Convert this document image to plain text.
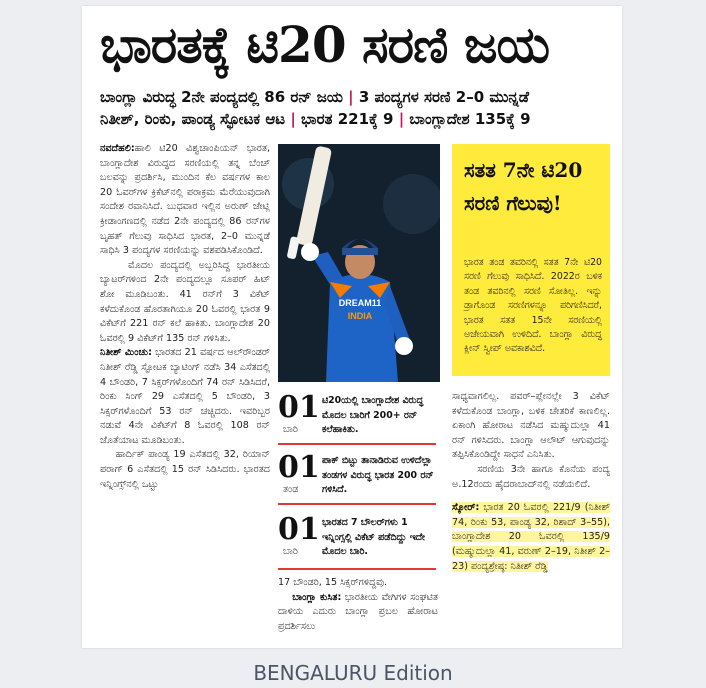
ಭಾರತಕ್ಕೆ ಟಿ20 ಸರಣಿ ಜಯ
ಬಾಂಗ್ಲಾ ವಿರುದ್ಧ 2ನೇ ಪಂದ್ಯದಲ್ಲಿ 86 ರನ್ ಜಯ | 3 ಪಂದ್ಯಗಳ ಸರಣಿ 2–0 ಮುನ್ನಡೆ
ನಿತೀಶ್, ರಿಂಕು, ಪಾಂಡ್ಯ ಸ್ಫೋಟಕ ಆಟ | ಭಾರತ 221ಕ್ಕೆ 9 | ಬಾಂಗ್ಲಾದೇಶ 135ಕ್ಕೆ 9
ನವದೆಹಲಿ:ಹಾಲಿ ಟಿ20 ವಿಶ್ವಚಾಂಪಿಯನ್ ಭಾರತ, ಬಾಂಗ್ಲಾದೇಶ ವಿರುದ್ಧದ ಸರಣಿಯಲ್ಲಿ ತನ್ನ ಬೆಂಚ್ ಬಲವನ್ನು ಪ್ರದರ್ಶಿಸಿ, ಮುಂದಿನ ಕೆಲ ವರ್ಷಗಳ ಕಾಲ 20 ಓವರ್‌ಗಳ ಕ್ರಿಕೆಟ್‌ನಲ್ಲಿ ಪರಾಕ್ರಮ ಮೆರೆಯುವುದಾಗಿ ಸಂದೇಶ ರವಾನಿಸಿದೆ. ಬುಧವಾರ ಇಲ್ಲಿನ ಅರುಣ್ ಜೇಟ್ಲಿ ಕ್ರೀಡಾಂಗಣದಲ್ಲಿ ನಡೆದ 2ನೇ ಪಂದ್ಯದಲ್ಲಿ 86 ರನ್‌ಗಳ ಬೃಹತ್ ಗೆಲುವು ಸಾಧಿಸಿದ ಭಾರತ, 2–0 ಮುನ್ನಡೆ ಸಾಧಿಸಿ 3 ಪಂದ್ಯಗಳ ಸರಣಿಯನ್ನು ವಶಪಡಿಸಿಕೊಂಡಿದೆ.
ಮೊದಲ ಪಂದ್ಯದಲ್ಲಿ ಅಬ್ಬರಿಸಿದ್ದ ಭಾರತೀಯ ಬ್ಯಾಟರ್‌ಗಳಿಂದ 2ನೇ ಪಂದ್ಯದಲ್ಲೂ ಸೂಪರ್ ಹಿಟ್ ಶೋ ಮೂಡಿಬಂತು. 41 ರನ್‌ಗೆ 3 ವಿಕೆಟ್ ಕಳೆದುಕೊಂಡ ಹೊರತಾಗಿಯೂ 20 ಓವರಲ್ಲಿ ಭಾರತ 9 ವಿಕೆಟ್‌ಗೆ 221 ರನ್ ಕಲೆ ಹಾಕಿತು. ಬಾಂಗ್ಲಾದೇಶ 20 ಓವರಲ್ಲಿ 9 ವಿಕೆಟ್‌ಗೆ 135 ರನ್ ಗಳಿಸಿತು.
ನಿತೀಶ್ ಮಿಂಚು: ಭಾರತದ 21 ವರ್ಷದ ಆಲ್‌ರೌಂಡರ್ ನಿತೀಶ್ ರೆಡ್ಡಿ ಸ್ಫೋಟಕ ಬ್ಯಾಟಿಂಗ್ ನಡೆಸಿ 34 ಎಸೆತದಲ್ಲಿ 4 ಬೌಂಡರಿ, 7 ಸಿಕ್ಸರ್‌ಗಳೊಂದಿಗೆ 74 ರನ್ ಸಿಡಿಸಿದರೆ, ರಿಂಕು ಸಿಂಗ್ 29 ಎಸೆತದಲ್ಲಿ 5 ಬೌಂಡರಿ, 3 ಸಿಕ್ಸರ್‌ಗಳೊಂದಿಗೆ 53 ರನ್ ಚಚ್ಚಿದರು. ಇವರಿಬ್ಬರ ನಡುವೆ 4ನೇ ವಿಕೆಟ್‌ಗೆ 8 ಓವರಲ್ಲಿ 108 ರನ್ ಜೊತೆಯಾಟ ಮೂಡಿಬಂತು.
ಹಾರ್ದಿಕ್ ಪಾಂಡ್ಯ 19 ಎಸೆತದಲ್ಲಿ 32, ರಿಯಾನ್ ಪರಾಗ್ 6 ಎಸೆತದಲ್ಲಿ 15 ರನ್ ಸಿಡಿಸಿದರು. ಭಾರತದ ಇನ್ನಿಂಗ್ಸ್‌ನಲ್ಲಿ ಒಟ್ಟು
DREAM11
INDIA
ಸತತ 7ನೇ ಟಿ20 ಸರಣಿ ಗೆಲುವು!
ಭಾರತ ತಂಡ ತವರಿನಲ್ಲಿ ಸತತ 7ನೇ ಟಿ20 ಸರಣಿ ಗೆಲುವು ಸಾಧಿಸಿದೆ. 2022ರ ಬಳಿಕ ತಂಡ ತವರಿನಲ್ಲಿ ಸರಣಿ ಸೋತಿಲ್ಲ. ಇನ್ನು ಡ್ರಾಗೊಂಡ ಸರಣಿಗಳನ್ನೂ ಪರಿಗಣಿಸಿದರೆ, ಭಾರತ ಸತತ 15ನೇ ಸರಣಿಯಲ್ಲಿ ಅಜೇಯವಾಗಿ ಉಳಿದಿದೆ. ಬಾಂಗ್ಲಾ ವಿರುದ್ಧ ಕ್ಲೀನ್ ಸ್ವೀಪ್ ಅವಕಾಶವಿದೆ.
01
ಬಾರಿ
ಟಿ20ಯಲ್ಲಿ ಬಾಂಗ್ಲಾದೇಶ ವಿರುದ್ಧ ಮೊದಲ ಬಾರಿಗೆ 200+ ರನ್ ಕಲೆಹಾಕಿತು.
01
ತಂಡ
ಪಾಕ್ ಬಿಟ್ಟು ತಾನಾಡಿರುವ ಉಳಿದೆಲ್ಲಾ ತಂಡಗಳ ವಿರುದ್ಧ ಭಾರತ 200 ರನ್ ಗಳಿಸಿದೆ.
01
ಬಾರಿ
ಭಾರತದ 7 ಬೌಲರ್‌ಗಳು 1 ಇನ್ನಿಂಗ್ಸಲ್ಲಿ ವಿಕೆಟ್ ಪಡೆದಿದ್ದು ಇದೇ ಮೊದಲ ಬಾರಿ.
17 ಬೌಂಡರಿ, 15 ಸಿಕ್ಸರ್‌ಗಳಿದ್ದವು.
ಬಾಂಗ್ಲಾ ಕುಸಿತ: ಭಾರತೀಯ ವೇಗಿಗಳ ಸಂಘಟಿತ ದಾಳಿಯ ಎದುರು ಬಾಂಗ್ಲಾ ಪ್ರಬಲ ಹೋರಾಟ ಪ್ರದರ್ಶಿಸಲು
ಸಾಧ್ಯವಾಗಲಿಲ್ಲ. ಪವರ್–ಪ್ಲೇನಲ್ಲೇ 3 ವಿಕೆಟ್ ಕಳೆದುಕೊಂಡ ಬಾಂಗ್ಲಾ, ಬಳಿಕ ಚೇತರಿಕೆ ಕಾಣಲಿಲ್ಲ. ಏಕಾಂಗಿ ಹೋರಾಟ ನಡೆಸಿದ ಮಹ್ಮುದುಲ್ಲಾ 41 ರನ್ ಗಳಿಸಿದರು. ಬಾಂಗ್ಲಾ ಆಲೌಟ್ ಆಗುವುದನ್ನು ತಪ್ಪಿಸಿಕೊಂಡಿದ್ದೇ ಸಾಧನೆ ಎನಿಸಿತು.
ಸರಣಿಯ 3ನೇ ಹಾಗೂ ಕೊನೆಯ ಪಂದ್ಯ ಅ.12ರಂದು ಹೈದರಾಬಾದ್‌ನಲ್ಲಿ ನಡೆಯಲಿದೆ.

ಸ್ಕೋರ್: ಭಾರತ 20 ಓವರಲ್ಲಿ 221/9 (ನಿತೀಶ್ 74, ರಿಂಕು 53, ಪಾಂಡ್ಯ 32, ರಿಶಾದ್ 3–55), ಬಾಂಗ್ಲಾದೇಶ 20 ಓವರಲ್ಲಿ 135/9 (ಮಹ್ಮುದುಲ್ಲಾ 41, ವರುಣ್ 2–19, ನಿತೀಶ್ 2–23) ಪಂದ್ಯಶ್ರೇಷ್ಠ: ನಿತೀಶ್ ರೆಡ್ಡಿ
BENGALURU Edition
